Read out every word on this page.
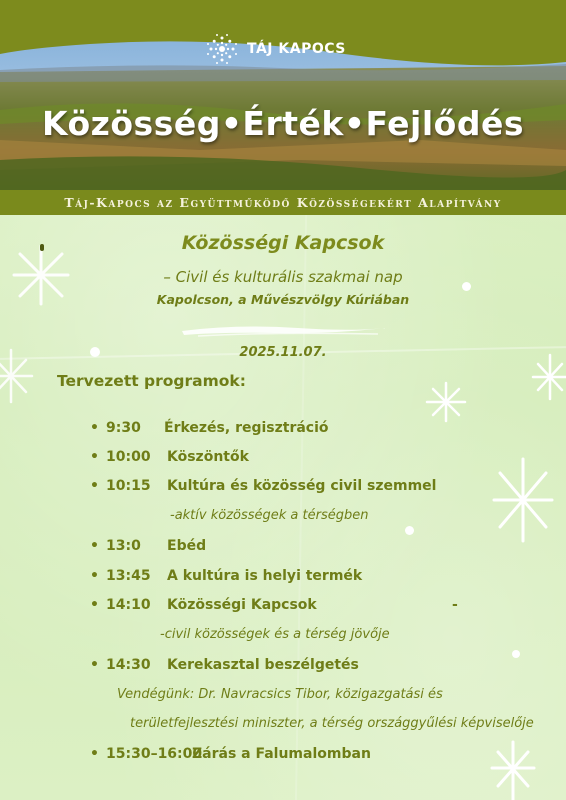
TÁJ KAPOCS
Közösség•Érték•Fejlődés
Táj-Kapocs az Együttműködő Közösségekért Alapítvány
Közösségi Kapcsok
– Civil és kulturális szakmai nap
Kapolcson, a Művészvölgy Kúriában
2025.11.07.
Tervezett programok:
• 9:30 Érkezés, regisztráció
• 10:00 Köszöntők
• 10:15 Kultúra és közösség civil szemmel
-aktív közösségek a térségben
• 13:0 Ebéd
• 13:45 A kultúra is helyi termék
• 14:10 Közösségi Kapcsok	-
-civil közösségek és a térség jövője
• 14:30 Kerekasztal beszélgetés
Vendégünk: Dr. Navracsics Tibor, közigazgatási és
területfejlesztési miniszter, a térség országgyűlési képviselője
• 15:30–16:00
Zárás a Falumalomban
